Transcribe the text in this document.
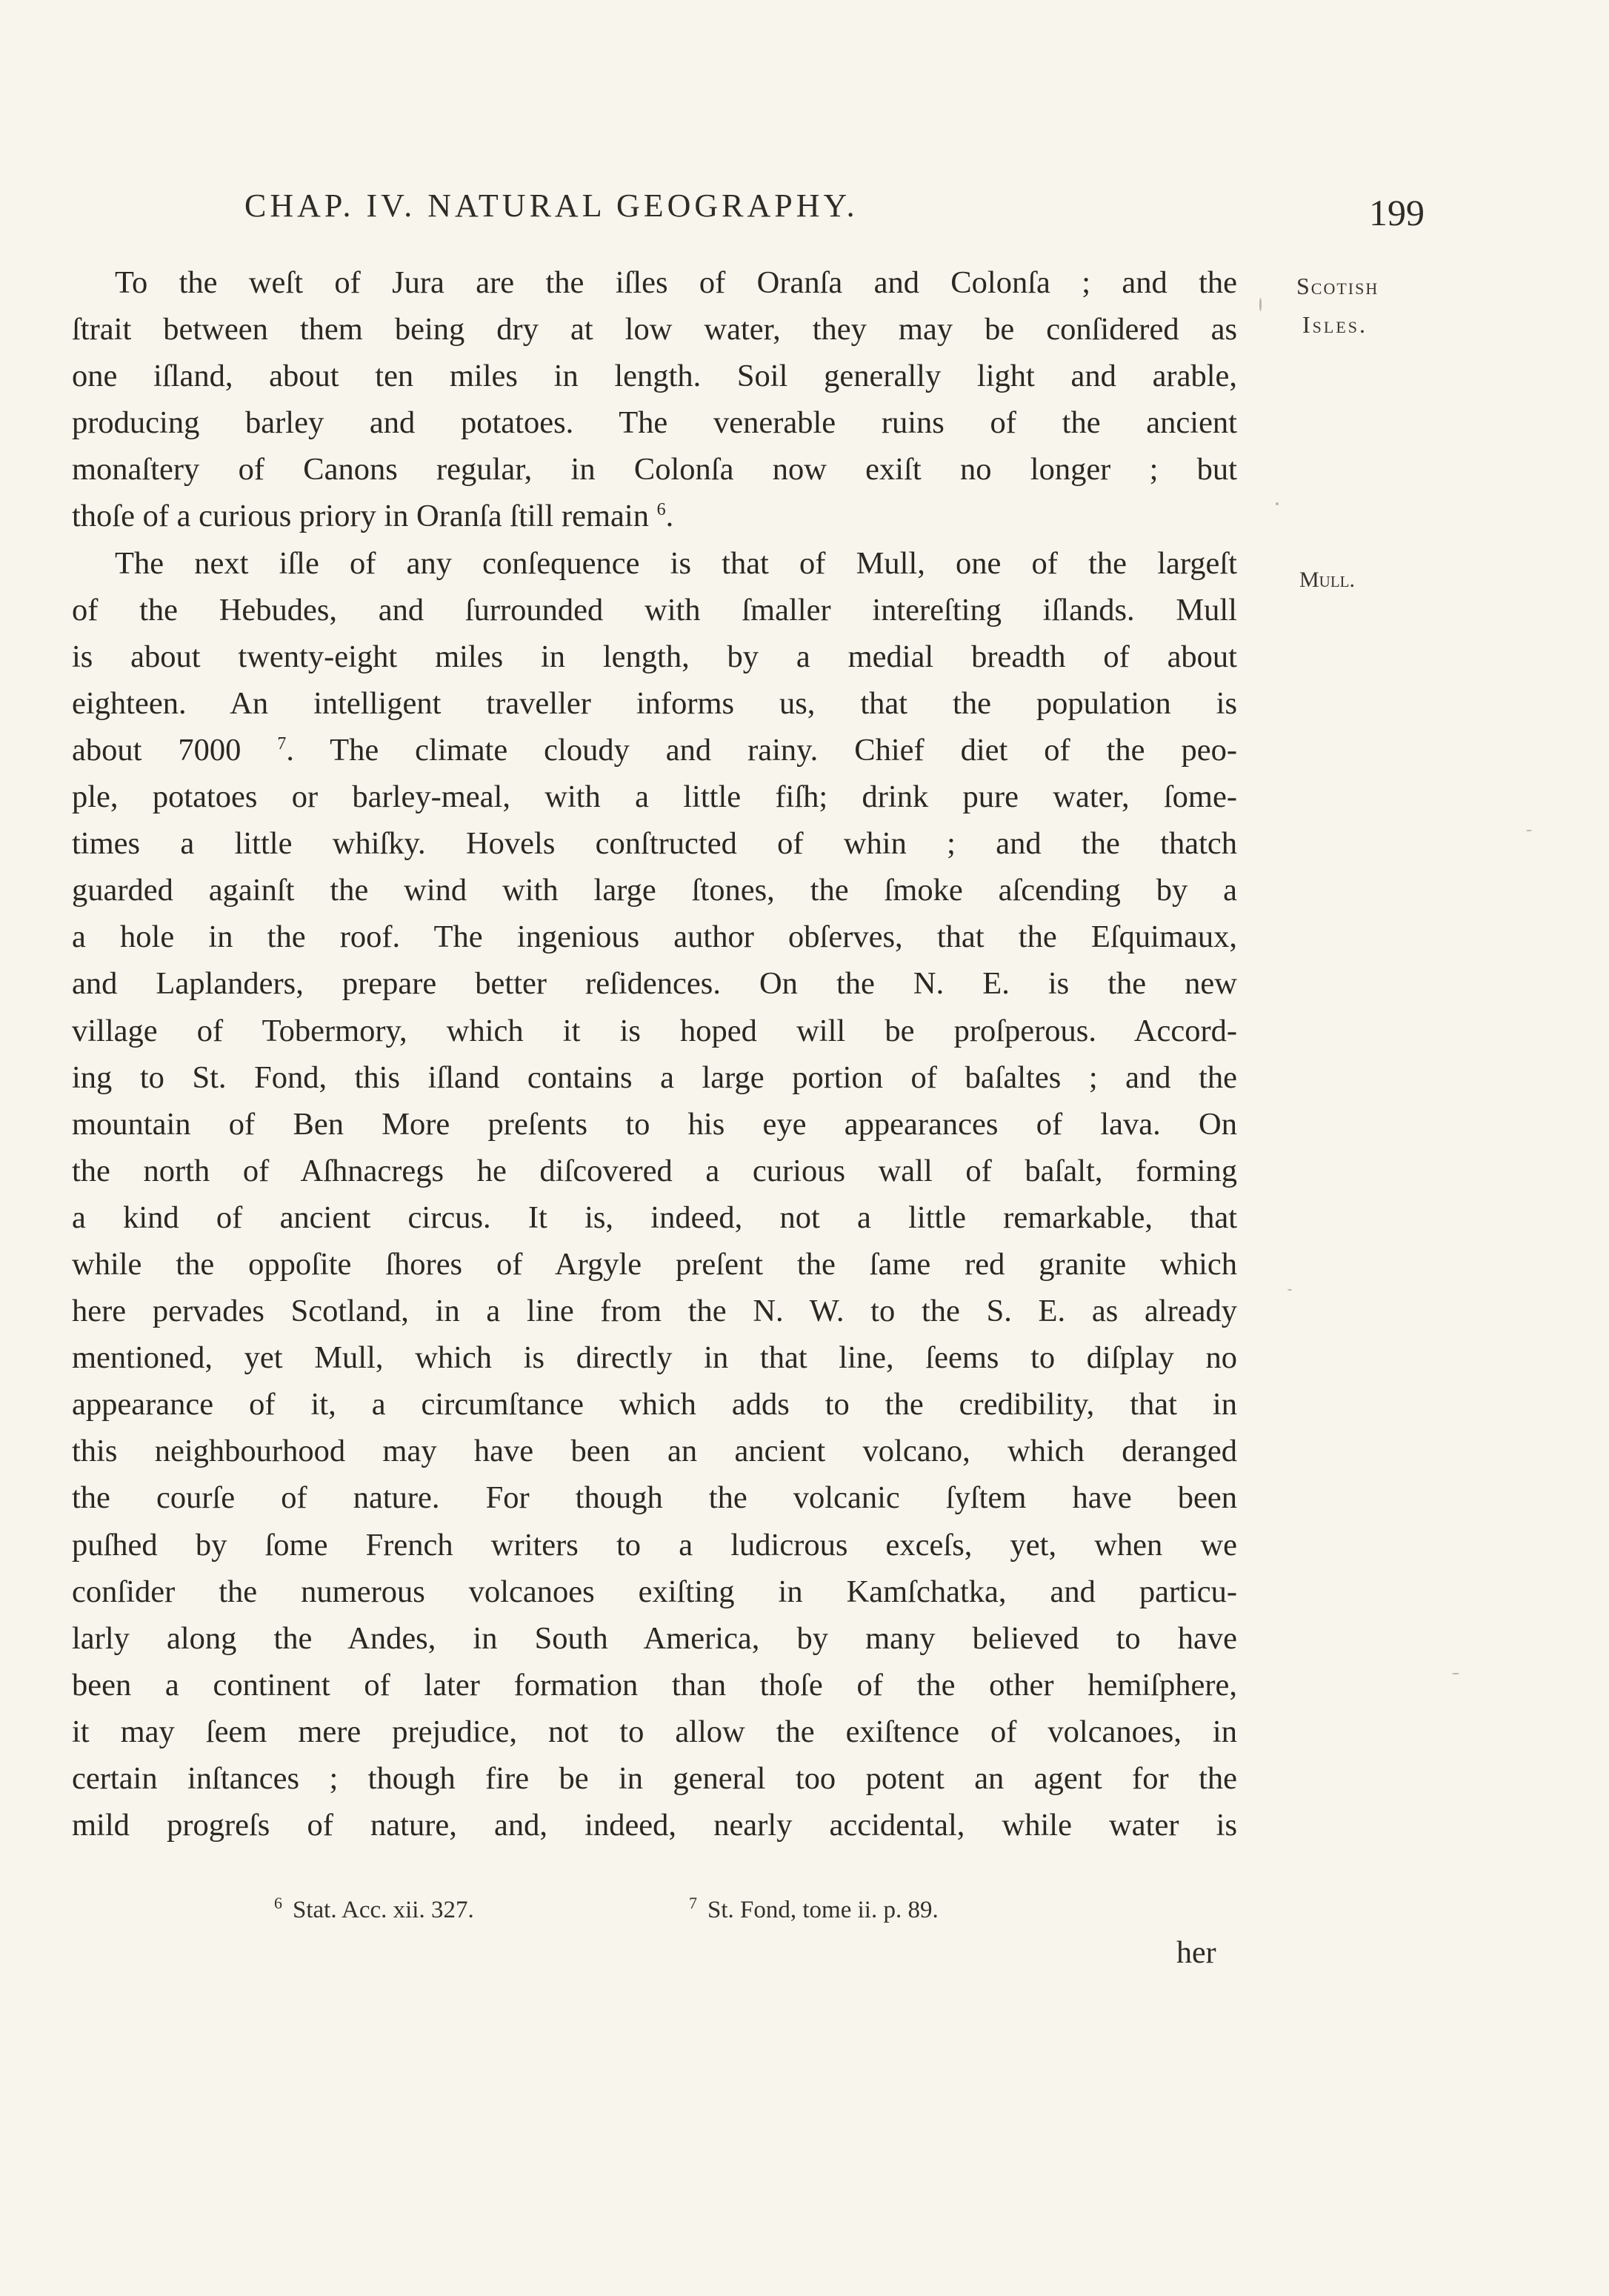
CHAP. IV. NATURAL GEOGRAPHY.	199
Scotish
Isles.
Mull.
To the weſt of Jura are the iſles of Oranſa and Colonſa ; and the
ſtrait between them being dry at low water, they may be conſidered as
one iſland, about ten miles in length. Soil generally light and arable,
producing barley and potatoes. The venerable ruins of the ancient
monaſtery of Canons regular, in Colonſa now exiſt no longer ; but
thoſe of a curious priory in Oranſa ſtill remain $^6$.
The next iſle of any conſequence is that of Mull, one of the largeſt
of the Hebudes, and ſurrounded with ſmaller intereſting iſlands. Mull
is about twenty-eight miles in length, by a medial breadth of about
eighteen. An intelligent traveller informs us, that the population is
about 7000 $^7$. The climate cloudy and rainy. Chief diet of the peo-
ple, potatoes or barley-meal, with a little fiſh; drink pure water, ſome-
times a little whiſky. Hovels conſtructed of whin ; and the thatch
guarded againſt the wind with large ſtones, the ſmoke aſcending by a
a hole in the roof. The ingenious author obſerves, that the Eſquimaux,
and Laplanders, prepare better reſidences. On the N. E. is the new
village of Tobermory, which it is hoped will be proſperous. Accord-
ing to St. Fond, this iſland contains a large portion of baſaltes ; and the
mountain of Ben More preſents to his eye appearances of lava. On
the north of Aſhnacregs he diſcovered a curious wall of baſalt, forming
a kind of ancient circus. It is, indeed, not a little remarkable, that
while the oppoſite ſhores of Argyle preſent the ſame red granite which
here pervades Scotland, in a line from the N. W. to the S. E. as already
mentioned, yet Mull, which is directly in that line, ſeems to diſplay no
appearance of it, a circumſtance which adds to the credibility, that in
this neighbourhood may have been an ancient volcano, which deranged
the courſe of nature. For though the volcanic ſyſtem have been
puſhed by ſome French writers to a ludicrous exceſs, yet, when we
conſider the numerous volcanoes exiſting in Kamſchatka, and particu-
larly along the Andes, in South America, by many believed to have
been a continent of later formation than thoſe of the other hemiſphere,
it may ſeem mere prejudice, not to allow the exiſtence of volcanoes, in
certain inſtances ; though fire be in general too potent an agent for the
mild progreſs of nature, and, indeed, nearly accidental, while water is
$^6$ Stat. Acc. xii. 327.	$^7$ St. Fond, tome ii. p. 89.
her
